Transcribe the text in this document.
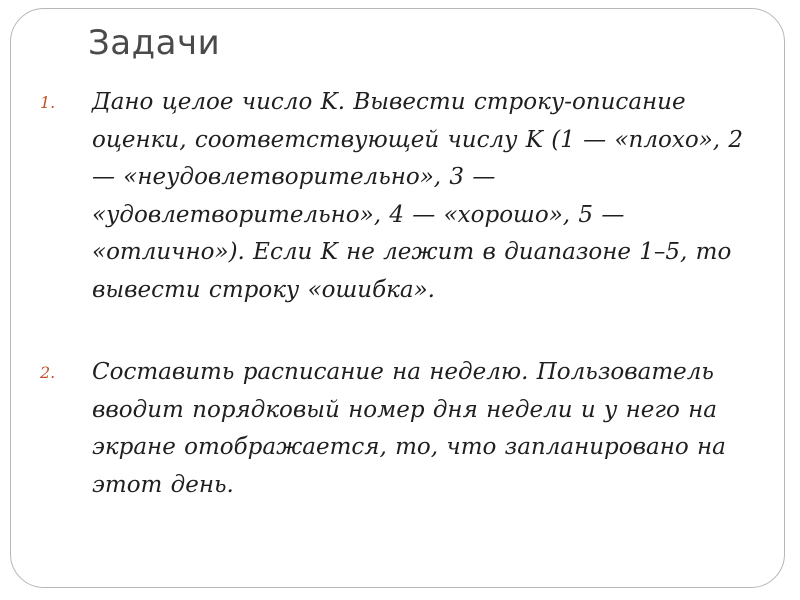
Задачи
1.	Дано целое число K. Вывести строку-описание оценки, соответствующей числу K (1 — «плохо», 2 — «неудовлетворительно», 3 — «удовлетворительно», 4 — «хорошо», 5 — «отлично»). Если K не лежит в диапазоне 1–5, то вывести строку «ошибка».
2.	Составить расписание на неделю. Пользователь вводит порядковый номер дня недели и у него на экране отображается, то, что запланировано на этот день.
